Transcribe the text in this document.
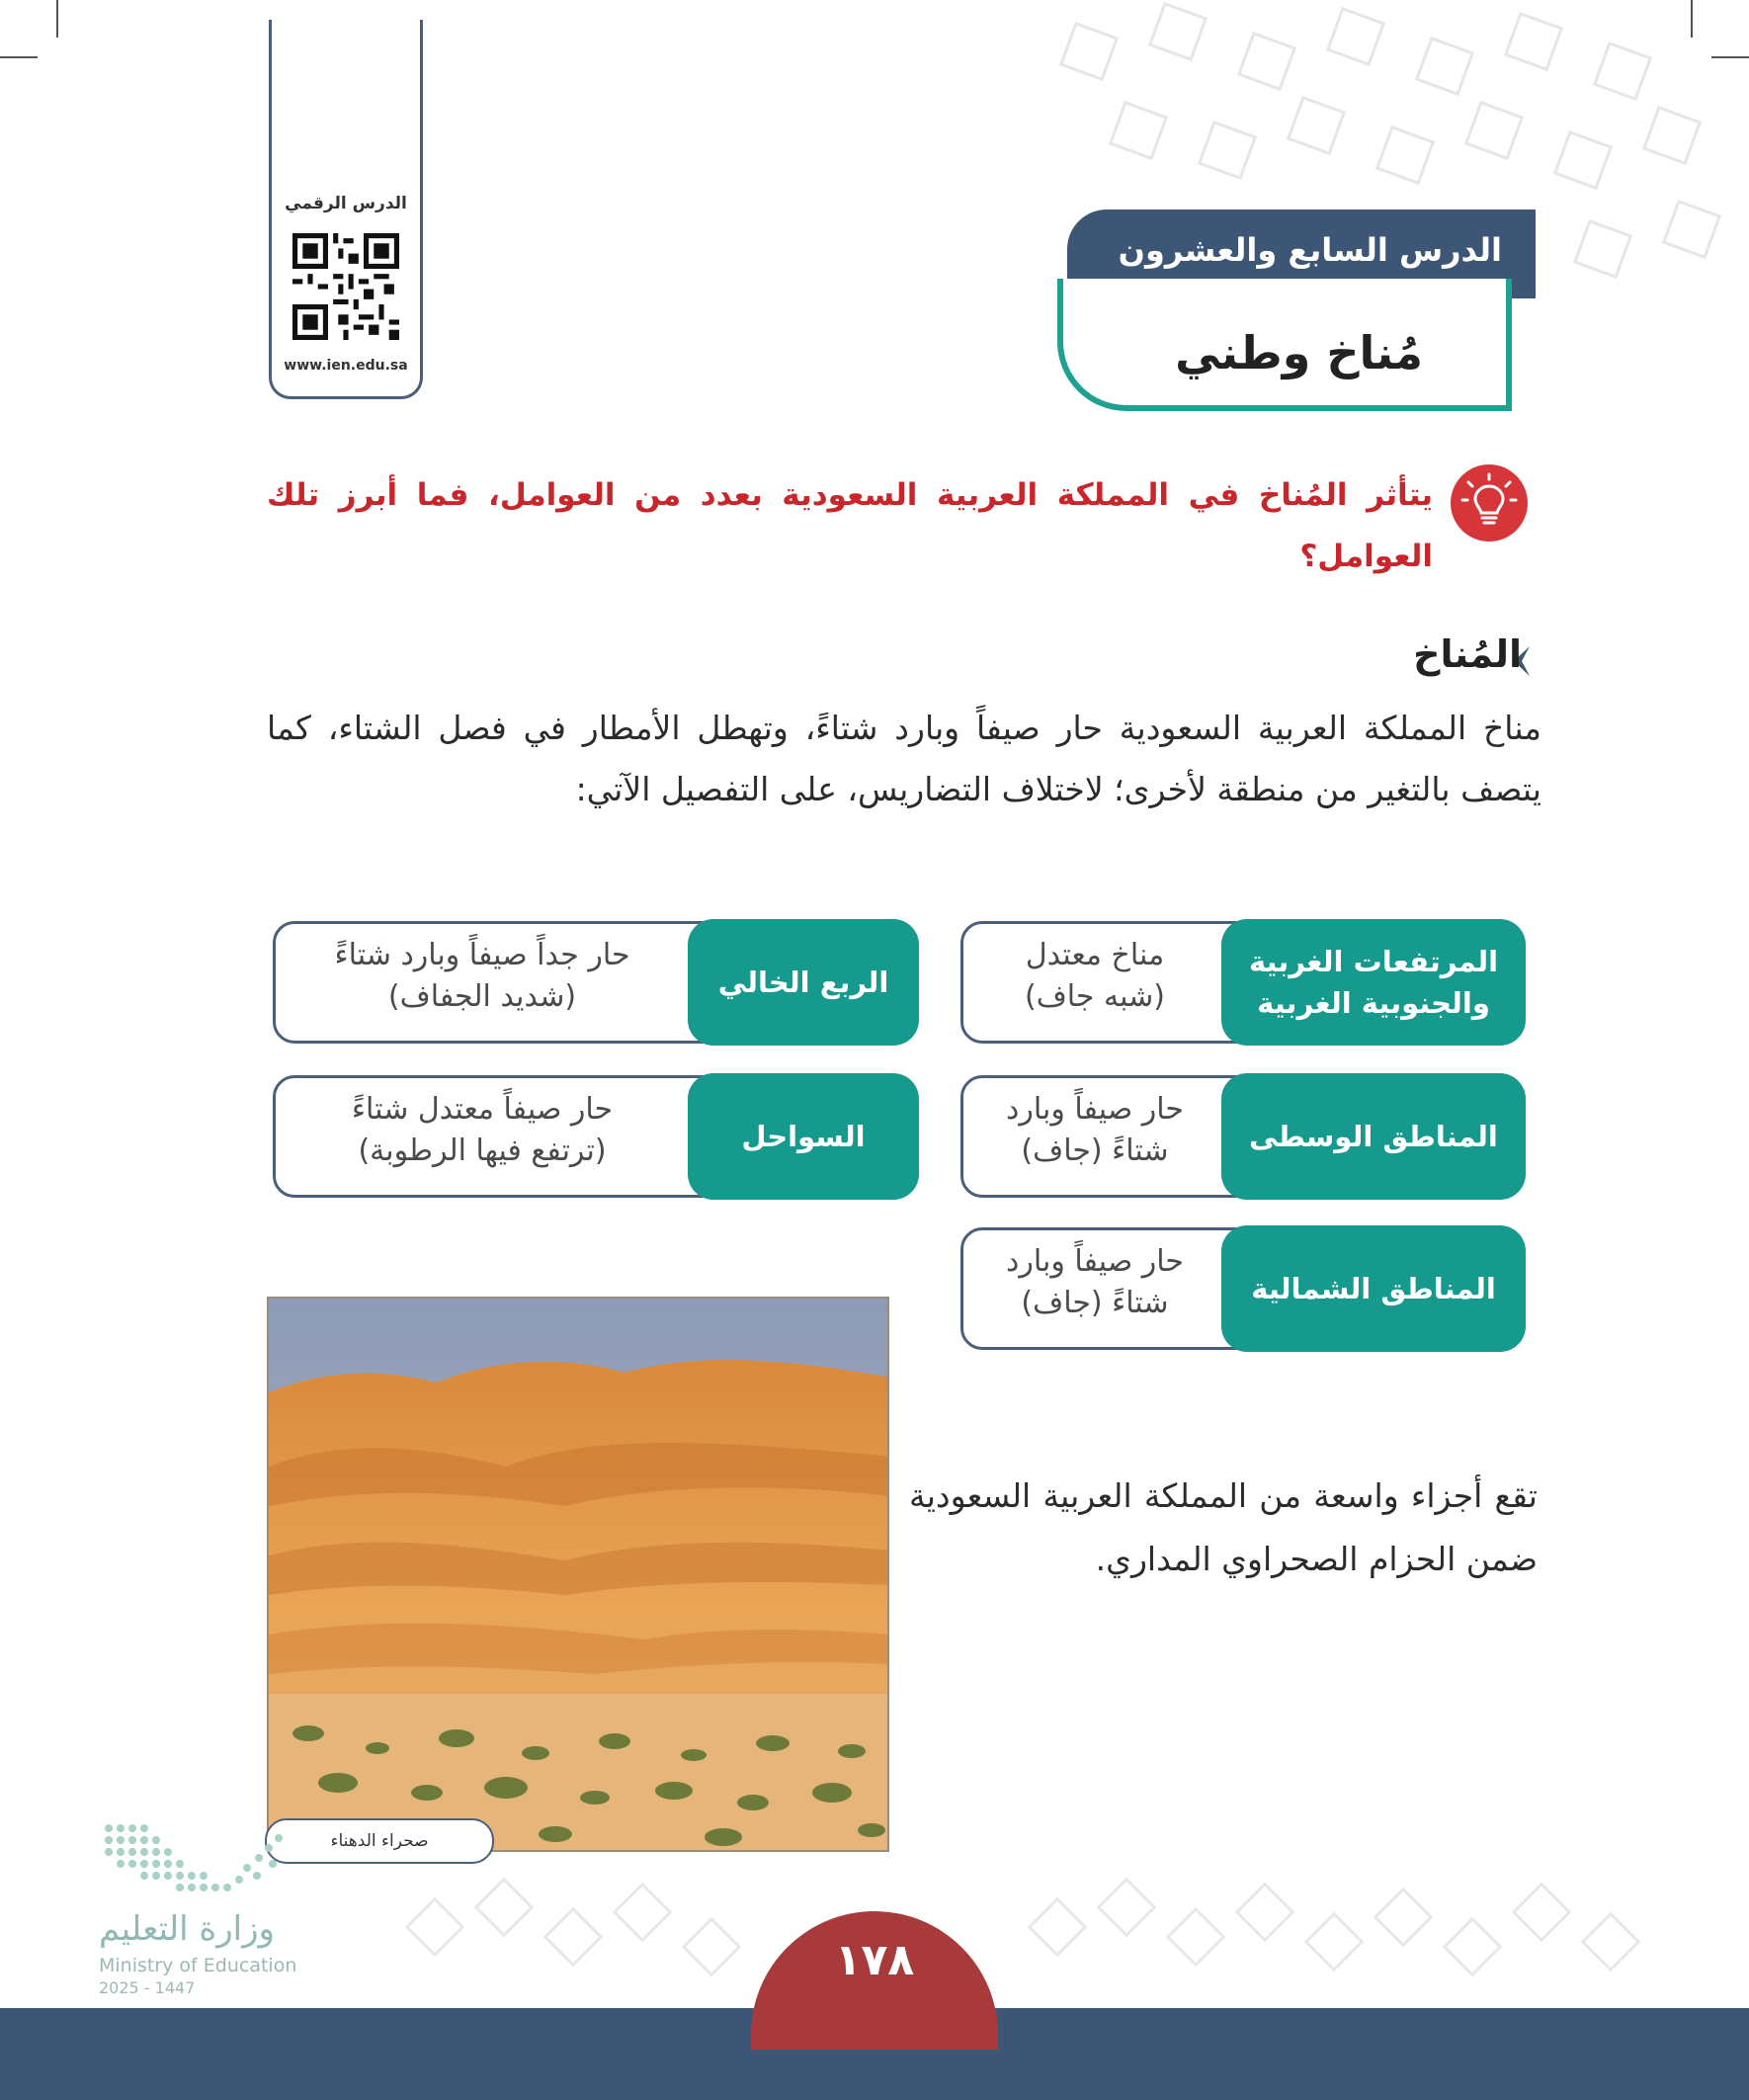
الدرس الرقمي
www.ien.edu.sa
الدرس السابع والعشرون
مُناخ وطني
يتأثر المُناخ في المملكة العربية السعودية بعدد من العوامل، فما أبرز تلك العوامل؟
المُناخ
مناخ المملكة العربية السعودية حار صيفاً وبارد شتاءً، وتهطل الأمطار في فصل الشتاء، كما يتصف بالتغير من منطقة لأخرى؛ لاختلاف التضاريس، على التفصيل الآتي:
المرتفعات الغربية والجنوبية الغربية
مناخ معتدل
(شبه جاف)
المناطق الوسطى
حار صيفاً وبارد
شتاءً (جاف)
المناطق الشمالية
حار صيفاً وبارد
شتاءً (جاف)
الربع الخالي
حار جداً صيفاً وبارد شتاءً
(شديد الجفاف)
السواحل
حار صيفاً معتدل شتاءً
(ترتفع فيها الرطوبة)
صحراء الدهناء
تقع أجزاء واسعة من المملكة العربية السعودية ضمن الحزام الصحراوي المداري.
وزارة التعليم
Ministry of Education
2025 - 1447
١٧٨
